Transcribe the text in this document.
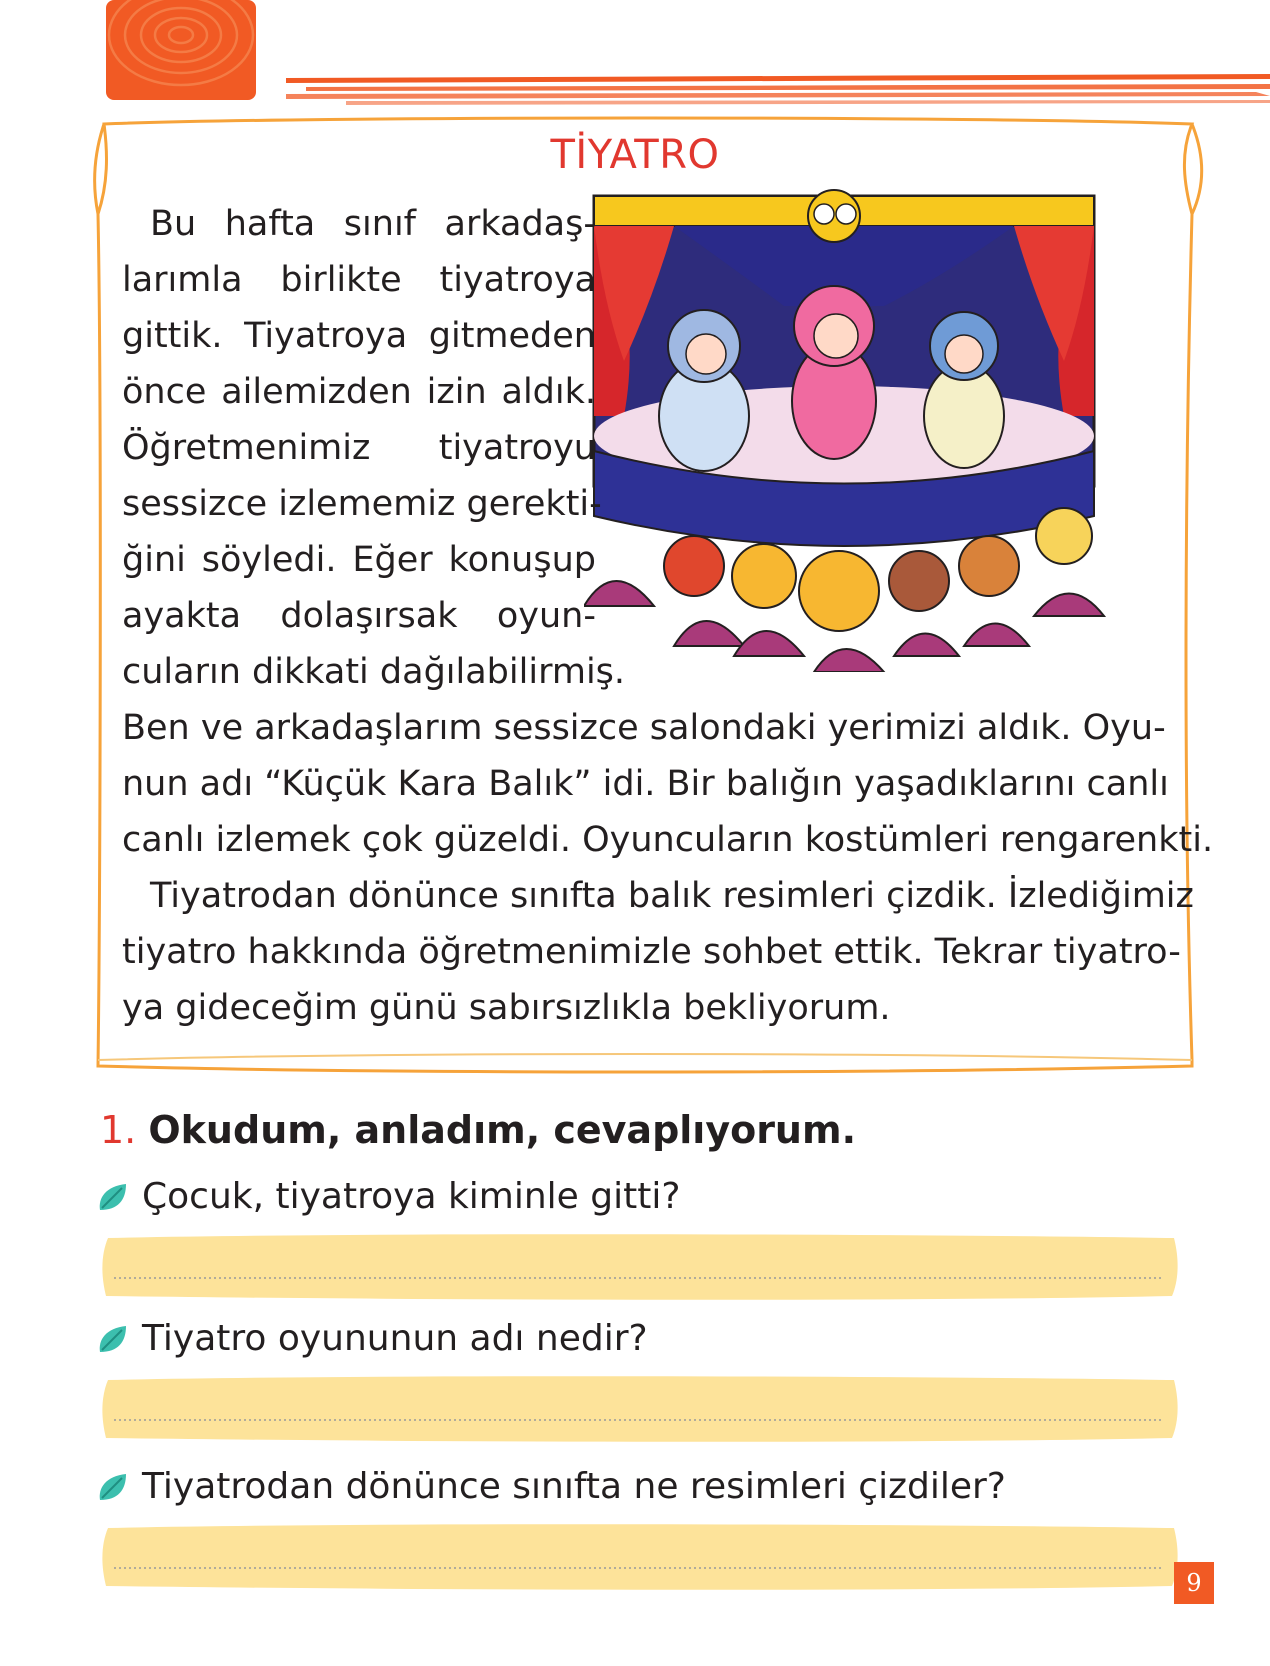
TİYATRO
Bu hafta sınıf arkadaş-
larımla birlikte tiyatroya
gittik. Tiyatroya gitmeden
önce ailemizden izin aldık.
Öğretmenimiz tiyatroyu
sessizce izlememiz gerekti-
ğini söyledi. Eğer konuşup
ayakta dolaşırsak oyun-
cuların dikkati dağılabilirmiş.
Ben ve arkadaşlarım sessizce salondaki yerimizi aldık. Oyu-
nun adı “Küçük Kara Balık” idi. Bir balığın yaşadıklarını canlı
canlı izlemek çok güzeldi. Oyuncuların kostümleri rengarenkti.
Tiyatrodan dönünce sınıfta balık resimleri çizdik. İzlediğimiz
tiyatro hakkında öğretmenimizle sohbet ettik. Tekrar tiyatro-
ya gideceğim günü sabırsızlıkla bekliyorum.
1. Okudum, anladım, cevaplıyorum.
Çocuk, tiyatroya kiminle gitti?
Tiyatro oyununun adı nedir?
Tiyatrodan dönünce sınıfta ne resimleri çizdiler?
9
